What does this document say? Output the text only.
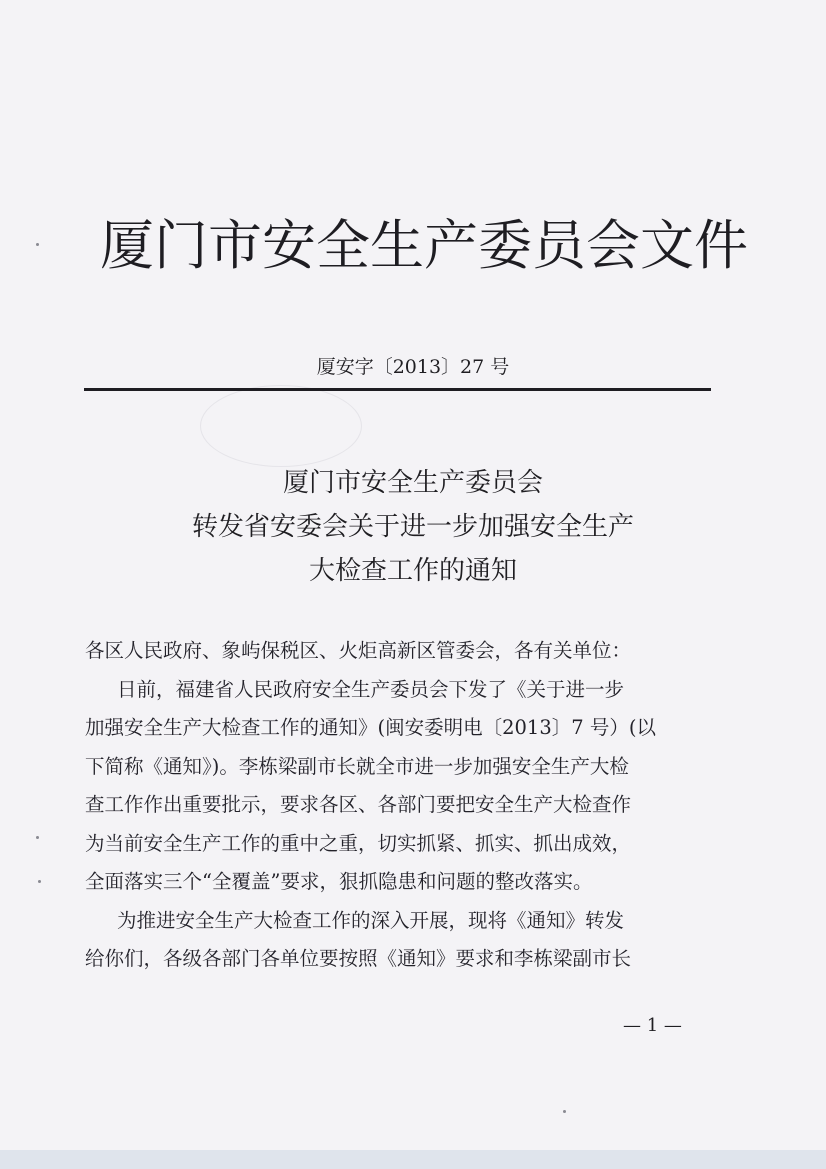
厦门市安全生产委员会文件
厦安字〔2013〕27 号
厦门市安全生产委员会
转发省安委会关于进一步加强安全生产
大检查工作的通知

各区人民政府、象屿保税区、火炬高新区管委会，各有关单位：

日前，福建省人民政府安全生产委员会下发了《关于进一步

加强安全生产大检查工作的通知》(闽安委明电〔2013〕7 号）(以

下简称《通知》)。李栋梁副市长就全市进一步加强安全生产大检

查工作作出重要批示，要求各区、各部门要把安全生产大检查作

为当前安全生产工作的重中之重，切实抓紧、抓实、抓出成效，

全面落实三个“全覆盖”要求，狠抓隐患和问题的整改落实。

为推进安全生产大检查工作的深入开展，现将《通知》转发

给你们，各级各部门各单位要按照《通知》要求和李栋梁副市长

— 1 —
